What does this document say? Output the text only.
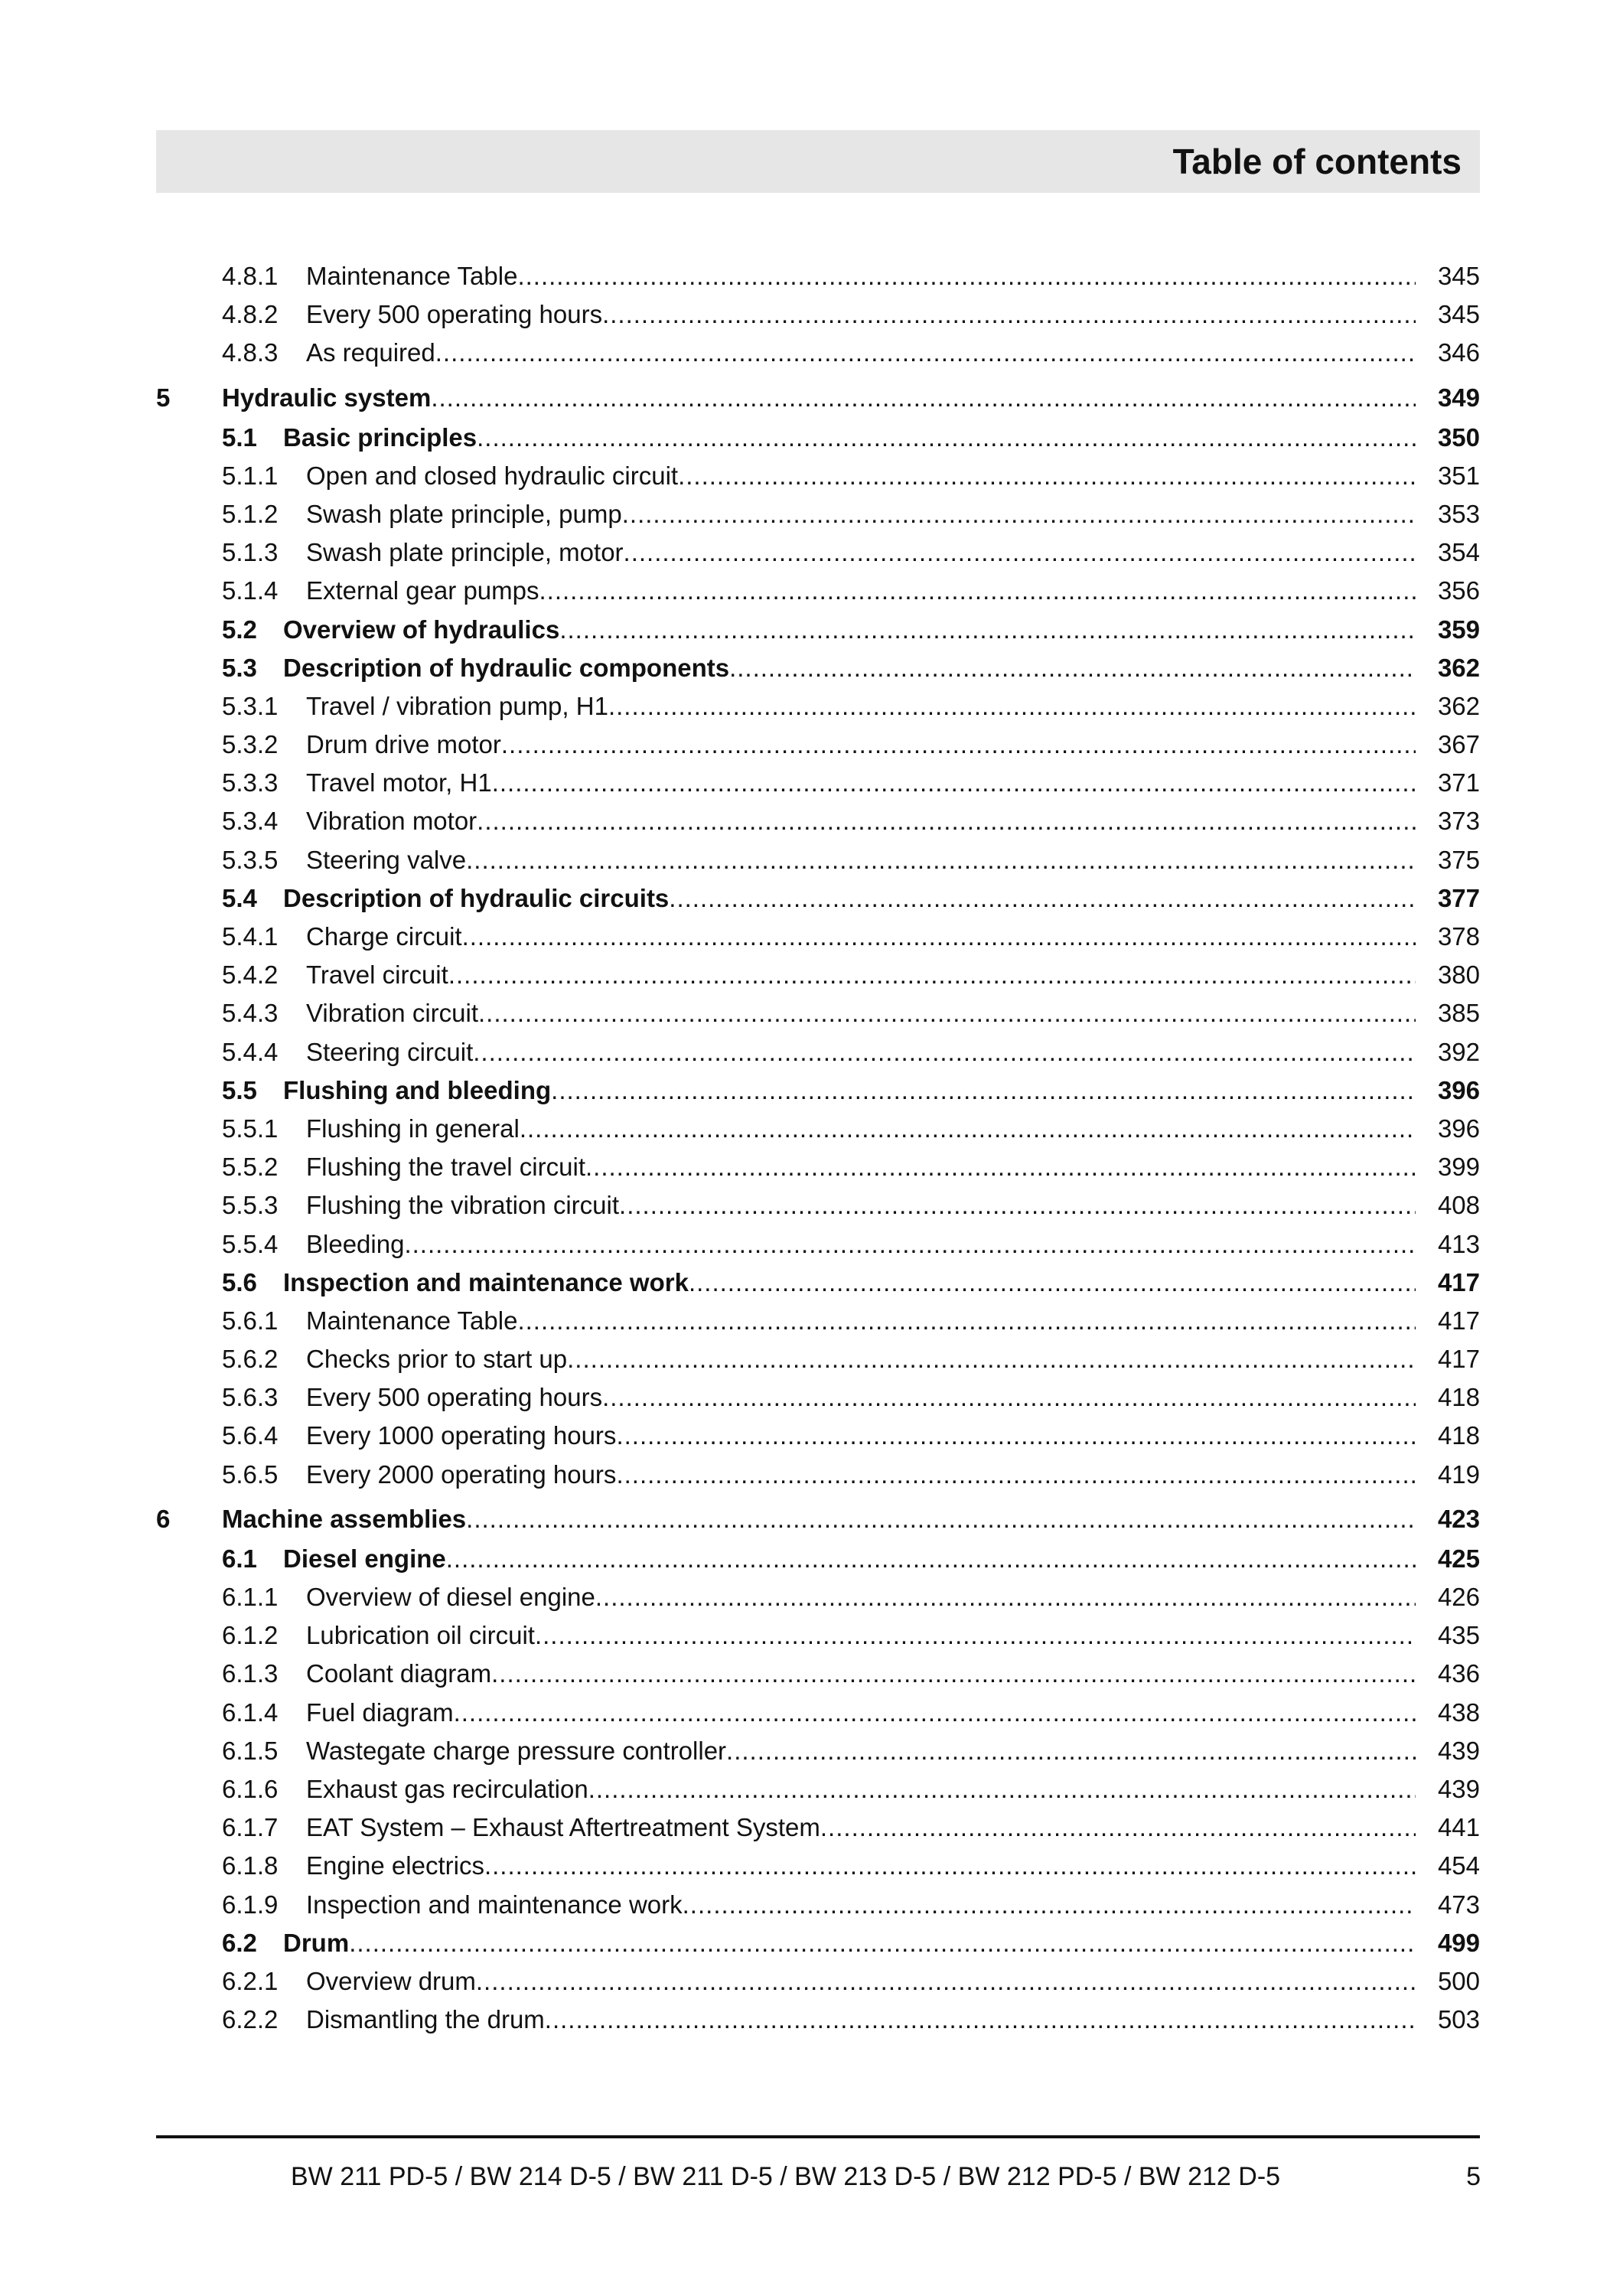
Table of contents
4.8.1 Maintenance Table .....	345
4.8.2 Every 500 operating hours .....	345
4.8.3 As required .....	346
5 Hydraulic system .....	349
5.1 Basic principles .....	350
5.1.1 Open and closed hydraulic circuit .....	351
5.1.2 Swash plate principle, pump .....	353
5.1.3 Swash plate principle, motor .....	354
5.1.4 External gear pumps .....	356
5.2 Overview of hydraulics .....	359
5.3 Description of hydraulic components .....	362
5.3.1 Travel / vibration pump, H1 .....	362
5.3.2 Drum drive motor .....	367
5.3.3 Travel motor, H1 .....	371
5.3.4 Vibration motor .....	373
5.3.5 Steering valve .....	375
5.4 Description of hydraulic circuits .....	377
5.4.1 Charge circuit .....	378
5.4.2 Travel circuit .....	380
5.4.3 Vibration circuit .....	385
5.4.4 Steering circuit .....	392
5.5 Flushing and bleeding .....	396
5.5.1 Flushing in general .....	396
5.5.2 Flushing the travel circuit .....	399
5.5.3 Flushing the vibration circuit .....	408
5.5.4 Bleeding .....	413
5.6 Inspection and maintenance work .....	417
5.6.1 Maintenance Table .....	417
5.6.2 Checks prior to start up .....	417
5.6.3 Every 500 operating hours .....	418
5.6.4 Every 1000 operating hours .....	418
5.6.5 Every 2000 operating hours .....	419
6 Machine assemblies .....	423
6.1 Diesel engine .....	425
6.1.1 Overview of diesel engine .....	426
6.1.2 Lubrication oil circuit .....	435
6.1.3 Coolant diagram .....	436
6.1.4 Fuel diagram .....	438
6.1.5 Wastegate charge pressure controller .....	439
6.1.6 Exhaust gas recirculation .....	439
6.1.7 EAT System – Exhaust Aftertreatment System .....	441
6.1.8 Engine electrics .....	454
6.1.9 Inspection and maintenance work .....	473
6.2 Drum .....	499
6.2.1 Overview drum .....	500
6.2.2 Dismantling the drum .....	503
BW 211 PD-5 / BW 214 D-5 / BW 211 D-5 / BW 213 D-5 / BW 212 PD-5 / BW 212 D-5	5
